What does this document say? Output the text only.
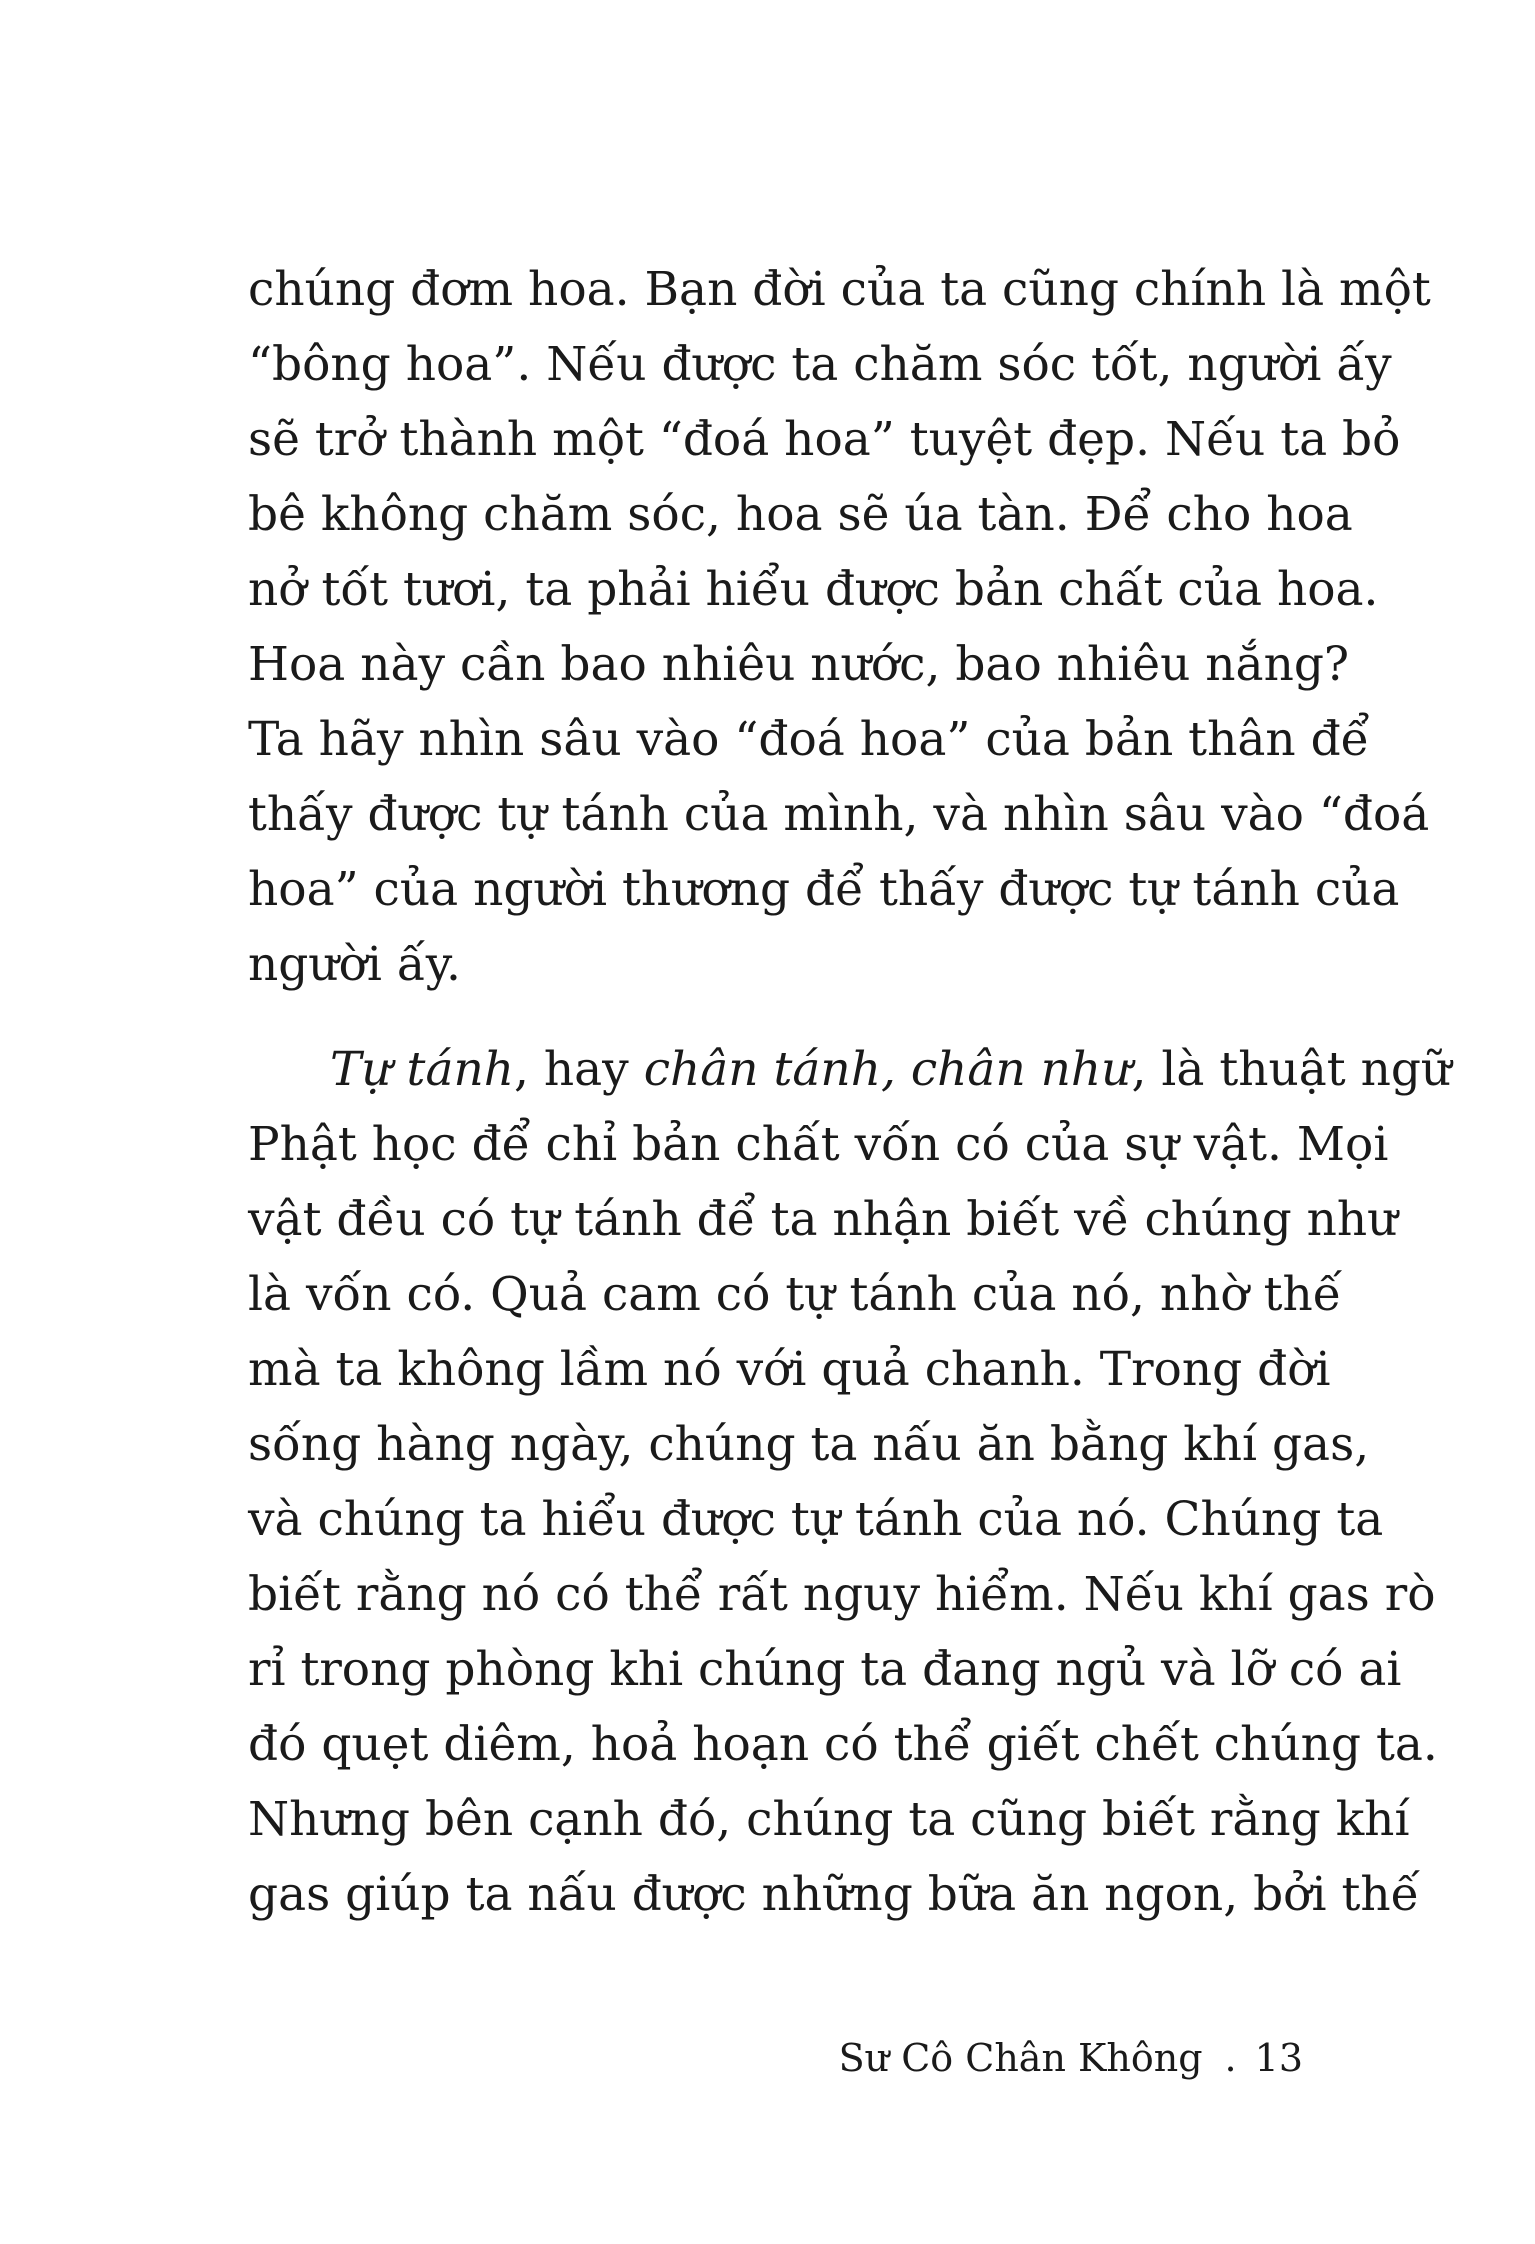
chúng đơm hoa. Bạn đời của ta cũng chính là một
“bông hoa”. Nếu được ta chăm sóc tốt, người ấy
sẽ trở thành một “đoá hoa” tuyệt đẹp. Nếu ta bỏ
bê không chăm sóc, hoa sẽ úa tàn. Để cho hoa
nở tốt tươi, ta phải hiểu được bản chất của hoa.
Hoa này cần bao nhiêu nước, bao nhiêu nắng?
Ta hãy nhìn sâu vào “đoá hoa” của bản thân để
thấy được tự tánh của mình, và nhìn sâu vào “đoá
hoa” của người thương để thấy được tự tánh của
người ấy.
Tự tánh, hay chân tánh, chân như, là thuật ngữ
Phật học để chỉ bản chất vốn có của sự vật. Mọi
vật đều có tự tánh để ta nhận biết về chúng như
là vốn có. Quả cam có tự tánh của nó, nhờ thế
mà ta không lầm nó với quả chanh. Trong đời
sống hàng ngày, chúng ta nấu ăn bằng khí gas,
và chúng ta hiểu được tự tánh của nó. Chúng ta
biết rằng nó có thể rất nguy hiểm. Nếu khí gas rò
rỉ trong phòng khi chúng ta đang ngủ và lỡ có ai
đó quẹt diêm, hoả hoạn có thể giết chết chúng ta.
Nhưng bên cạnh đó, chúng ta cũng biết rằng khí
gas giúp ta nấu được những bữa ăn ngon, bởi thế
Sư Cô Chân Không . 13
